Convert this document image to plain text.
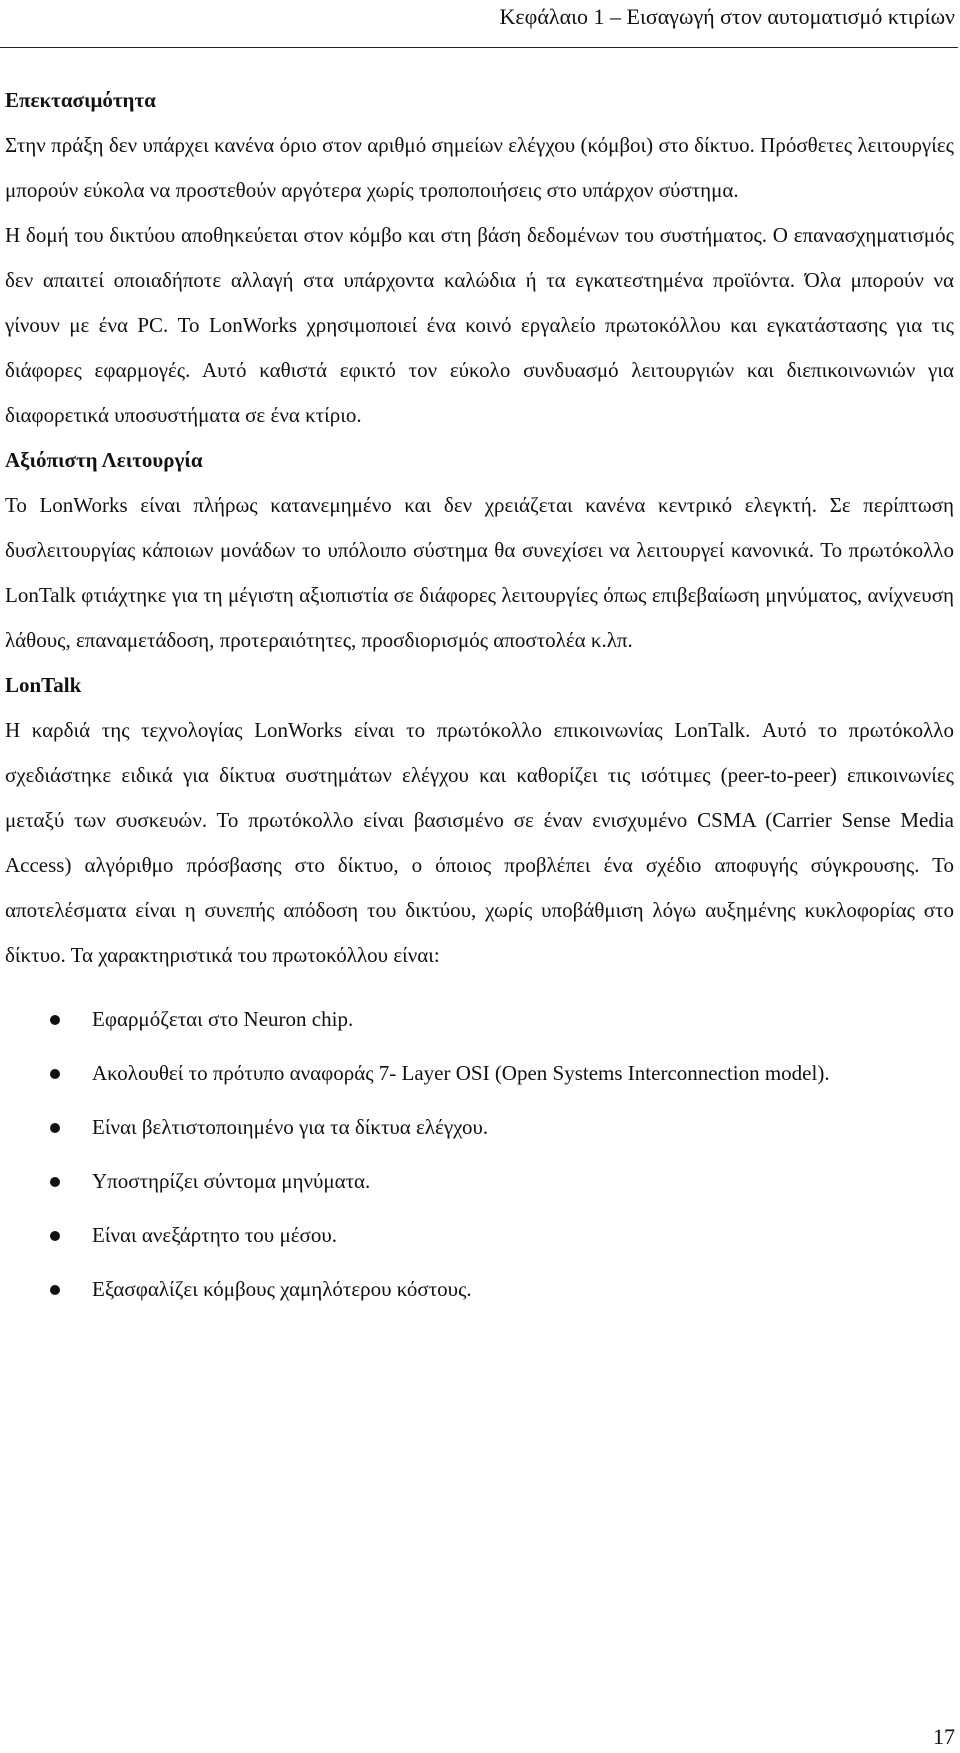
Κεφάλαιο 1 – Εισαγωγή στον αυτοματισμό κτιρίων
Επεκτασιμότητα

Στην πράξη δεν υπάρχει κανένα όριο στον αριθμό σημείων ελέγχου (κόμβοι) στο δίκτυο. Πρόσθετες λειτουργίες μπορούν εύκολα να προστεθούν αργότερα χωρίς τροποποιήσεις στο υπάρχον σύστημα.

Η δομή του δικτύου αποθηκεύεται στον κόμβο και στη βάση δεδομένων του συστήματος. Ο επανασχηματισμός δεν απαιτεί οποιαδήποτε αλλαγή στα υπάρχοντα καλώδια ή τα εγκατεστημένα προϊόντα. Όλα μπορούν να γίνουν με ένα PC. Το LonWorks χρησιμοποιεί ένα κοινό εργαλείο πρωτοκόλλου και εγκατάστασης για τις διάφορες εφαρμογές. Αυτό καθιστά εφικτό τον εύκολο συνδυασμό λειτουργιών και διεπικοινωνιών για διαφορετικά υποσυστήματα σε ένα κτίριο.

Αξιόπιστη Λειτουργία

Το LonWorks είναι πλήρως κατανεμημένο και δεν χρειάζεται κανένα κεντρικό ελεγκτή. Σε περίπτωση δυσλειτουργίας κάποιων μονάδων το υπόλοιπο σύστημα θα συνεχίσει να λειτουργεί κανονικά. Το πρωτόκολλο LonTalk φτιάχτηκε για τη μέγιστη αξιοπιστία σε διάφορες λειτουργίες όπως επιβεβαίωση μηνύματος, ανίχνευση λάθους, επαναμετάδοση, προτεραιότητες, προσδιορισμός αποστολέα κ.λπ.

LonTalk

Η καρδιά της τεχνολογίας LonWorks είναι το πρωτόκολλο επικοινωνίας LonTalk. Αυτό το πρωτόκολλο σχεδιάστηκε ειδικά για δίκτυα συστημάτων ελέγχου και καθορίζει τις ισότιμες (peer-to-peer) επικοινωνίες μεταξύ των συσκευών. Το πρωτόκολλο είναι βασισμένο σε έναν ενισχυμένο CSMA (Carrier Sense Media Access) αλγόριθμο πρόσβασης στο δίκτυο, ο όποιος προβλέπει ένα σχέδιο αποφυγής σύγκρουσης. Το αποτελέσματα είναι η συνεπής απόδοση του δικτύου, χωρίς υποβάθμιση λόγω αυξημένης κυκλοφορίας στο δίκτυο. Τα χαρακτηριστικά του πρωτοκόλλου είναι:

Εφαρμόζεται στο Neuron chip.
Ακολουθεί το πρότυπο αναφοράς 7- Layer OSI (Open Systems Interconnection model).
Είναι βελτιστοποιημένο για τα δίκτυα ελέγχου.
Υποστηρίζει σύντομα μηνύματα.
Είναι ανεξάρτητο του μέσου.
Εξασφαλίζει κόμβους χαμηλότερου κόστους.
17
